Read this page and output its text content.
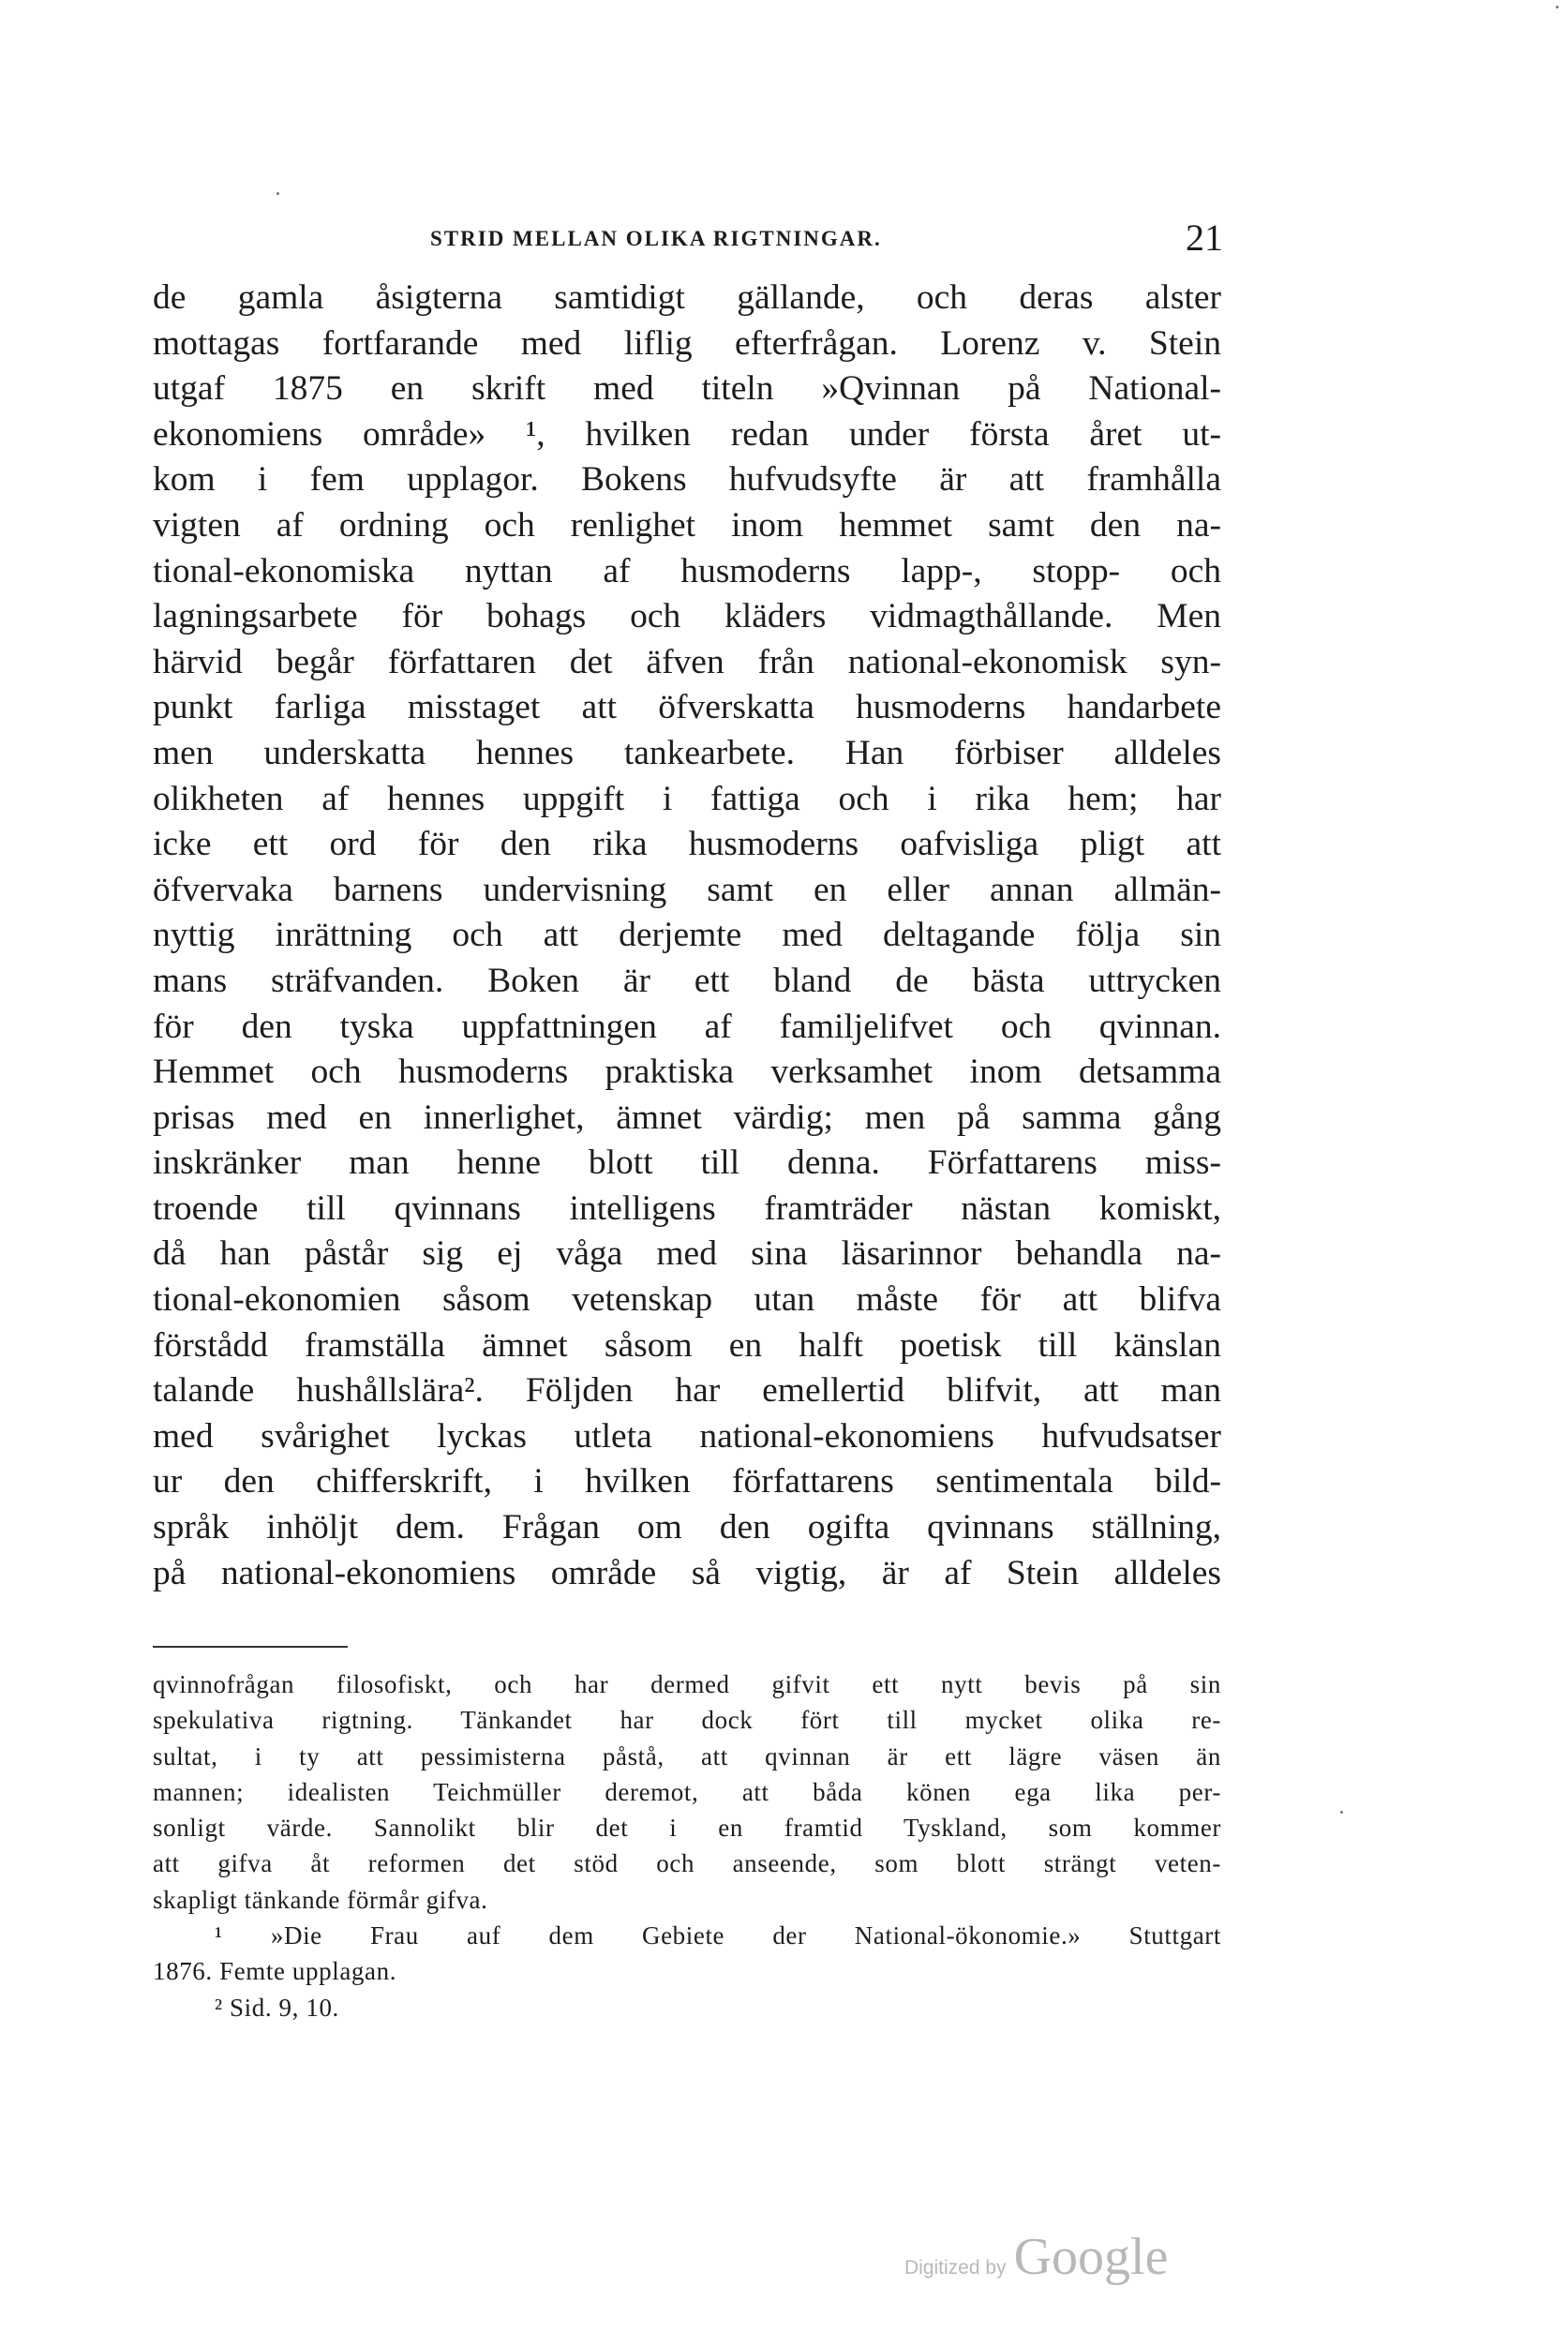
STRID MELLAN OLIKA RIGTNINGAR.	21
de gamla åsigterna samtidigt gällande, och deras alster
mottagas fortfarande med liflig efterfrågan. Lorenz v. Stein
utgaf 1875 en skrift med titeln »Qvinnan på National-
ekonomiens område» ¹, hvilken redan under första året ut-
kom i fem upplagor. Bokens hufvudsyfte är att framhålla
vigten af ordning och renlighet inom hemmet samt den na-
tional-ekonomiska nyttan af husmoderns lapp-, stopp- och
lagningsarbete för bohags och kläders vidmagthållande. Men
härvid begår författaren det äfven från national-ekonomisk syn-
punkt farliga misstaget att öfverskatta husmoderns handarbete
men underskatta hennes tankearbete. Han förbiser alldeles
olikheten af hennes uppgift i fattiga och i rika hem; har
icke ett ord för den rika husmoderns oafvisliga pligt att
öfvervaka barnens undervisning samt en eller annan allmän-
nyttig inrättning och att derjemte med deltagande följa sin
mans sträfvanden. Boken är ett bland de bästa uttrycken
för den tyska uppfattningen af familjelifvet och qvinnan.
Hemmet och husmoderns praktiska verksamhet inom detsamma
prisas med en innerlighet, ämnet värdig; men på samma gång
inskränker man henne blott till denna. Författarens miss-
troende till qvinnans intelligens framträder nästan komiskt,
då han påstår sig ej våga med sina läsarinnor behandla na-
tional-ekonomien såsom vetenskap utan måste för att blifva
förstådd framställa ämnet såsom en halft poetisk till känslan
talande hushållslära². Följden har emellertid blifvit, att man
med svårighet lyckas utleta national-ekonomiens hufvudsatser
ur den chifferskrift, i hvilken författarens sentimentala bild-
språk inhöljt dem. Frågan om den ogifta qvinnans ställning,
på national-ekonomiens område så vigtig, är af Stein alldeles
qvinnofrågan filosofiskt, och har dermed gifvit ett nytt bevis på sin
spekulativa rigtning. Tänkandet har dock fört till mycket olika re-
sultat, i ty att pessimisterna påstå, att qvinnan är ett lägre väsen än
mannen; idealisten Teichmüller deremot, att båda könen ega lika per-
sonligt värde. Sannolikt blir det i en framtid Tyskland, som kommer
att gifva åt reformen det stöd och anseende, som blott strängt veten-
skapligt tänkande förmår gifva.
¹ »Die Frau auf dem Gebiete der National-ökonomie.» Stuttgart
1876. Femte upplagan.
² Sid. 9, 10.
Digitized by Google
